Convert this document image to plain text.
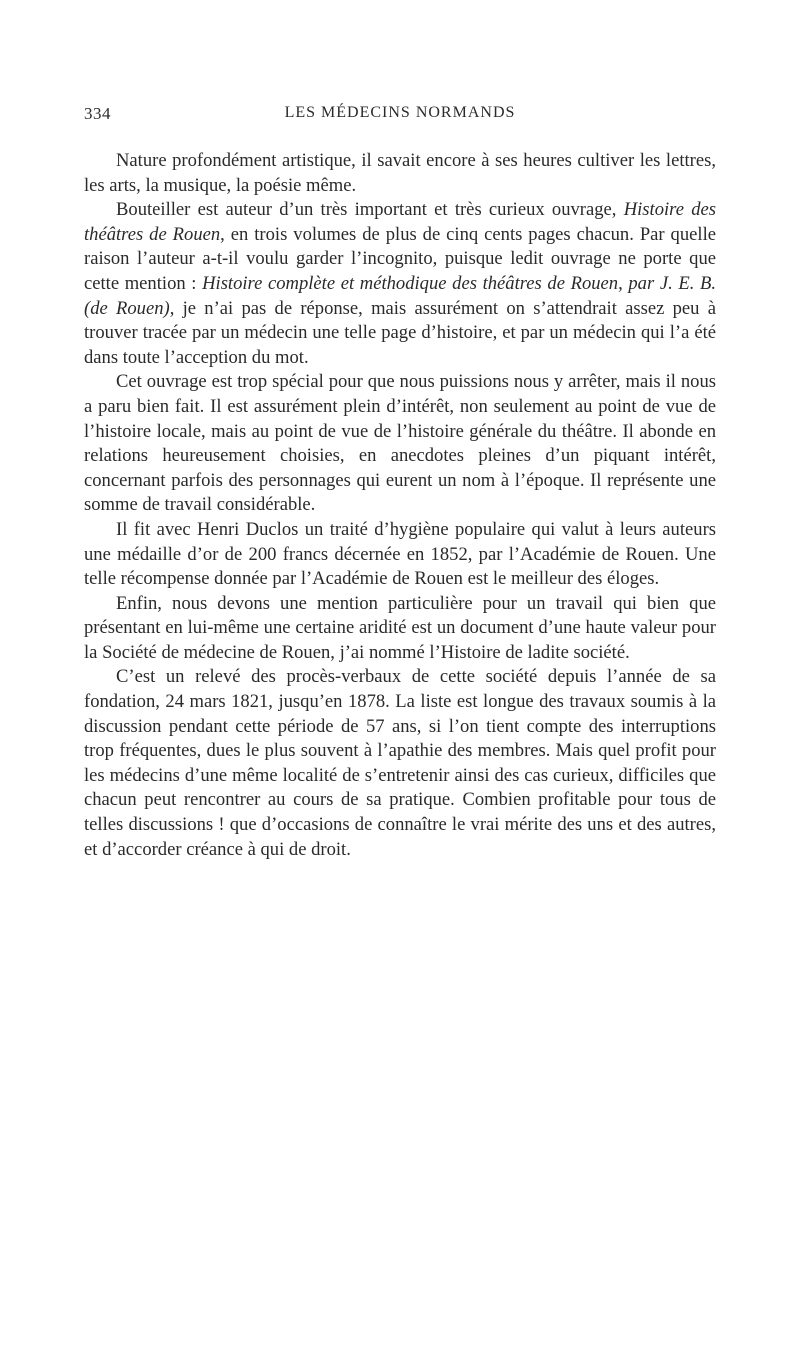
334	LES MÉDECINS NORMANDS

Nature profondément artistique, il savait encore à ses heures cultiver les lettres, les arts, la musique, la poésie même.

Bouteiller est auteur d’un très important et très curieux ouvrage, Histoire des théâtres de Rouen, en trois volumes de plus de cinq cents pages chacun. Par quelle raison l’auteur a-t-il voulu garder l’incognito, puisque ledit ouvrage ne porte que cette mention : Histoire complète et méthodique des théâtres de Rouen, par J. E. B. (de Rouen), je n’ai pas de réponse, mais assurément on s’attendrait assez peu à trouver tracée par un médecin une telle page d’histoire, et par un médecin qui l’a été dans toute l’acception du mot.

Cet ouvrage est trop spécial pour que nous puissions nous y arrêter, mais il nous a paru bien fait. Il est assurément plein d’intérêt, non seulement au point de vue de l’histoire locale, mais au point de vue de l’histoire générale du théâtre. Il abonde en relations heureusement choisies, en anecdotes pleines d’un piquant intérêt, concernant parfois des personnages qui eurent un nom à l’époque. Il représente une somme de travail considérable.

Il fit avec Henri Duclos un traité d’hygiène populaire qui valut à leurs auteurs une médaille d’or de 200 francs décernée en 1852, par l’Académie de Rouen. Une telle récompense donnée par l’Académie de Rouen est le meilleur des éloges.

Enfin, nous devons une mention particulière pour un travail qui bien que présentant en lui-même une certaine aridité est un document d’une haute valeur pour la Société de médecine de Rouen, j’ai nommé l’Histoire de ladite société.

C’est un relevé des procès-verbaux de cette société depuis l’année de sa fondation, 24 mars 1821, jusqu’en 1878. La liste est longue des travaux soumis à la discussion pendant cette période de 57 ans, si l’on tient compte des interruptions trop fréquentes, dues le plus souvent à l’apathie des membres. Mais quel profit pour les médecins d’une même localité de s’entretenir ainsi des cas curieux, difficiles que chacun peut rencontrer au cours de sa pratique. Combien profitable pour tous de telles discussions ! que d’occasions de connaître le vrai mérite des uns et des autres, et d’accorder créance à qui de droit.
